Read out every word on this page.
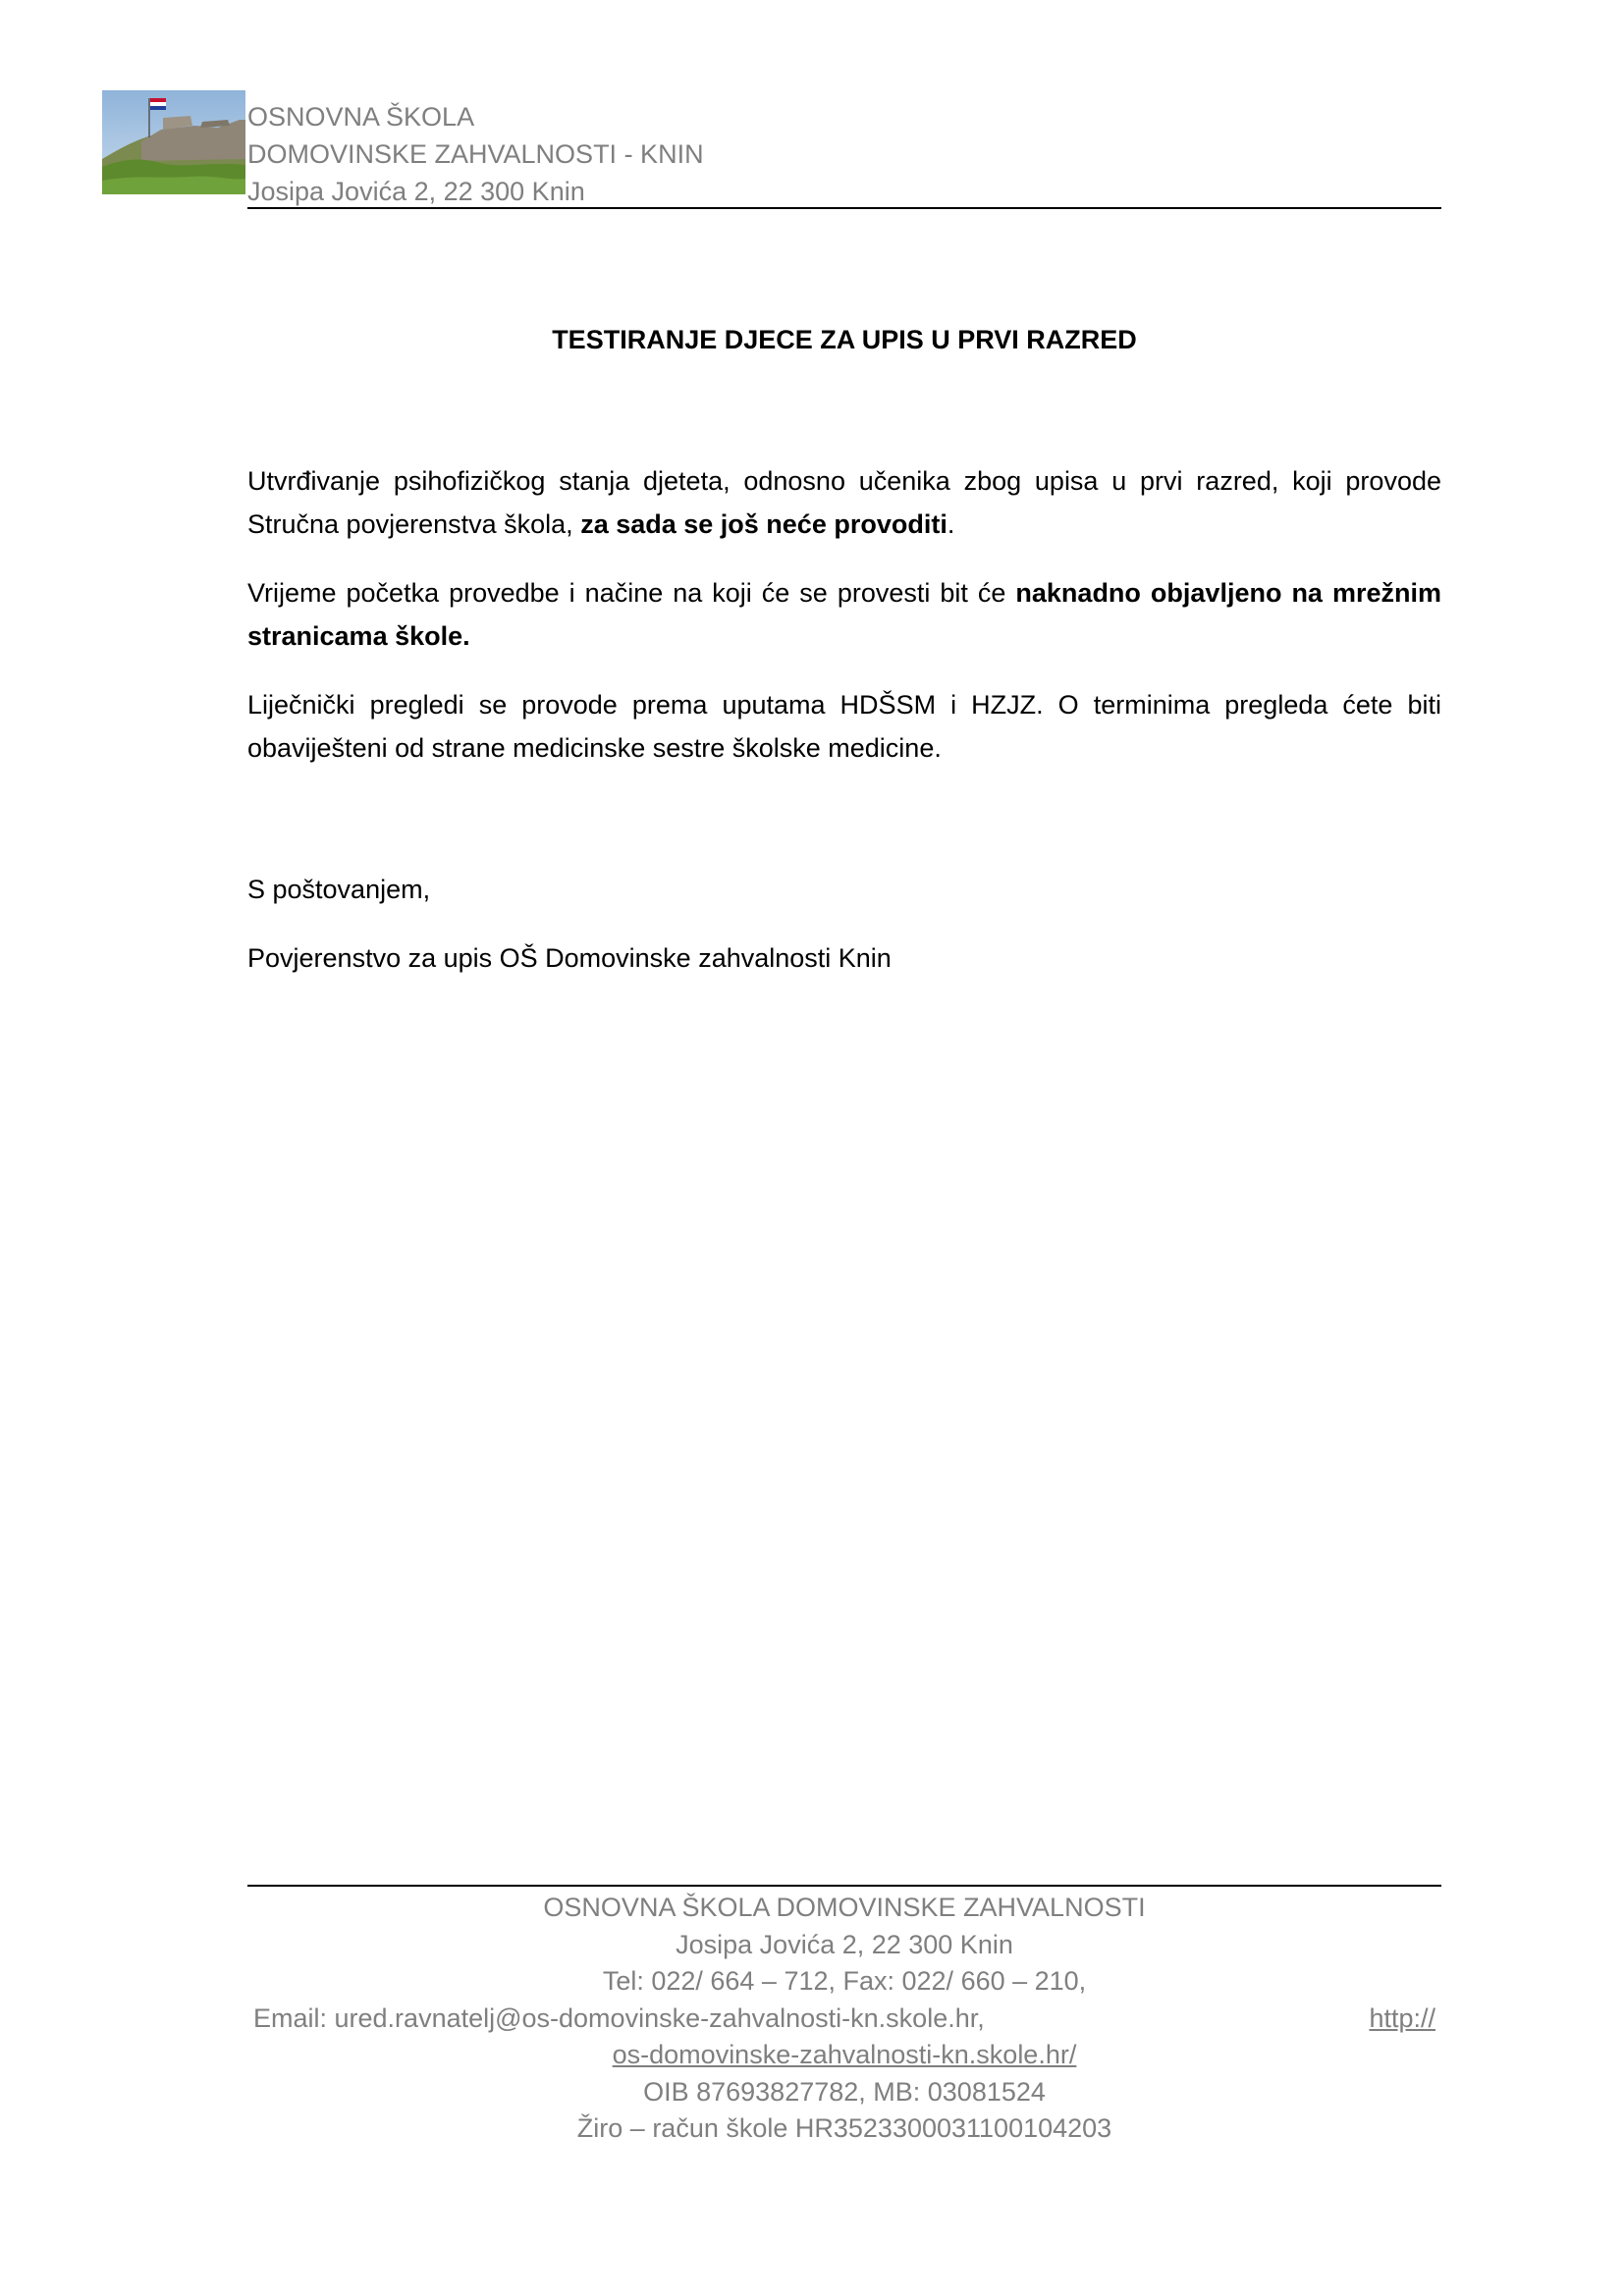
OSNOVNA ŠKOLA
DOMOVINSKE ZAHVALNOSTI - KNIN
Josipa Jovića 2, 22 300 Knin
TESTIRANJE DJECE ZA UPIS U PRVI RAZRED

Utvrđivanje psihofizičkog stanja djeteta, odnosno učenika zbog upisa u prvi razred, koji provode Stručna povjerenstva škola, za sada se još neće provoditi.

Vrijeme početka provedbe i načine na koji će se provesti bit će naknadno objavljeno na mrežnim stranicama škole.

Liječnički pregledi se provode prema uputama HDŠSM i HZJZ. O terminima pregleda ćete biti obaviješteni od strane medicinske sestre školske medicine.

S poštovanjem,

Povjerenstvo za upis OŠ Domovinske zahvalnosti Knin

OSNOVNA ŠKOLA DOMOVINSKE ZAHVALNOSTI
Josipa Jovića 2, 22 300 Knin
Tel: 022/ 664 – 712, Fax: 022/ 660 – 210,
Email: ured.ravnatelj@os-domovinske-zahvalnosti-kn.skole.hr,	http://
os-domovinske-zahvalnosti-kn.skole.hr/
OIB 87693827782, MB: 03081524
Žiro – račun škole HR3523300031100104203
